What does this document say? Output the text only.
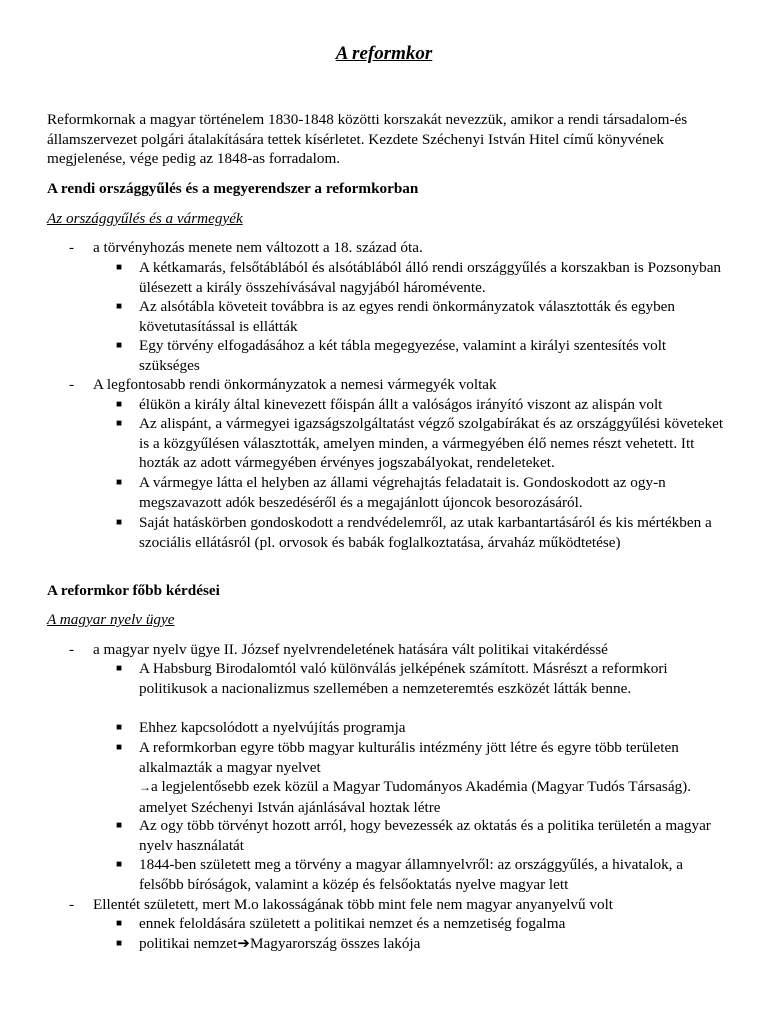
A reformkor

Reformkornak a magyar történelem 1830-1848 közötti korszakát nevezzük, amikor a rendi társadalom-és államszervezet polgári átalakítására tettek kísérletet. Kezdete Széchenyi István Hitel című könyvének megjelenése, vége pedig az 1848-as forradalom.

A rendi országgyűlés és a megyerendszer a reformkorban

Az országgyűlés és a vármegyék

- a törvényhozás menete nem változott a 18. század óta.

■ A kétkamarás, felsőtáblából és alsótáblából álló rendi országgyűlés a korszakban is Pozsonyban ülésezett a király összehívásával nagyjából háromévente.

■ Az alsótábla követeit továbbra is az egyes rendi önkormányzatok választották és egyben követutasítással is ellátták

■ Egy törvény elfogadásához a két tábla megegyezése, valamint a királyi szentesítés volt szükséges

- A legfontosabb rendi önkormányzatok a nemesi vármegyék voltak

■ élükön a király által kinevezett főispán állt a valóságos irányító viszont az alispán volt

■ Az alispánt, a vármegyei igazságszolgáltatást végző szolgabírákat és az országgyűlési követeket is a közgyűlésen választották, amelyen minden, a vármegyében élő nemes részt vehetett. Itt hozták az adott vármegyében érvényes jogszabályokat, rendeleteket.

■ A vármegye látta el helyben az állami végrehajtás feladatait is. Gondoskodott az ogy-n megszavazott adók beszedéséről és a megajánlott újoncok besorozásáról.

■ Saját hatáskörben gondoskodott a rendvédelemről, az utak karbantartásáról és kis mértékben a szociális ellátásról (pl. orvosok és babák foglalkoztatása, árvaház működtetése)

A reformkor főbb kérdései

A magyar nyelv ügye

- a magyar nyelv ügye II. József nyelvrendeletének hatására vált politikai vitakérdéssé

■ A Habsburg Birodalomtól való különválás jelképének számított. Másrészt a reformkori politikusok a nacionalizmus szellemében a nemzeteremtés eszközét látták benne.

■ Ehhez kapcsolódott a nyelvújítás programja

■ A reformkorban egyre több magyar kulturális intézmény jött létre és egyre több területen alkalmazták a magyar nyelvet

→a legjelentősebb ezek közül a Magyar Tudományos Akadémia (Magyar Tudós Társaság). amelyet Széchenyi István ajánlásával hoztak létre

■ Az ogy több törvényt hozott arról, hogy bevezessék az oktatás és a politika területén a magyar nyelv használatát

■ 1844-ben született meg a törvény a magyar államnyelvről: az országgyűlés, a hivatalok, a felsőbb bíróságok, valamint a közép és felsőoktatás nyelve magyar lett

- Ellentét született, mert M.o lakosságának több mint fele nem magyar anyanyelvű volt

■ ennek feloldására született a politikai nemzet és a nemzetiség fogalma

■ politikai nemzet➔Magyarország összes lakója
